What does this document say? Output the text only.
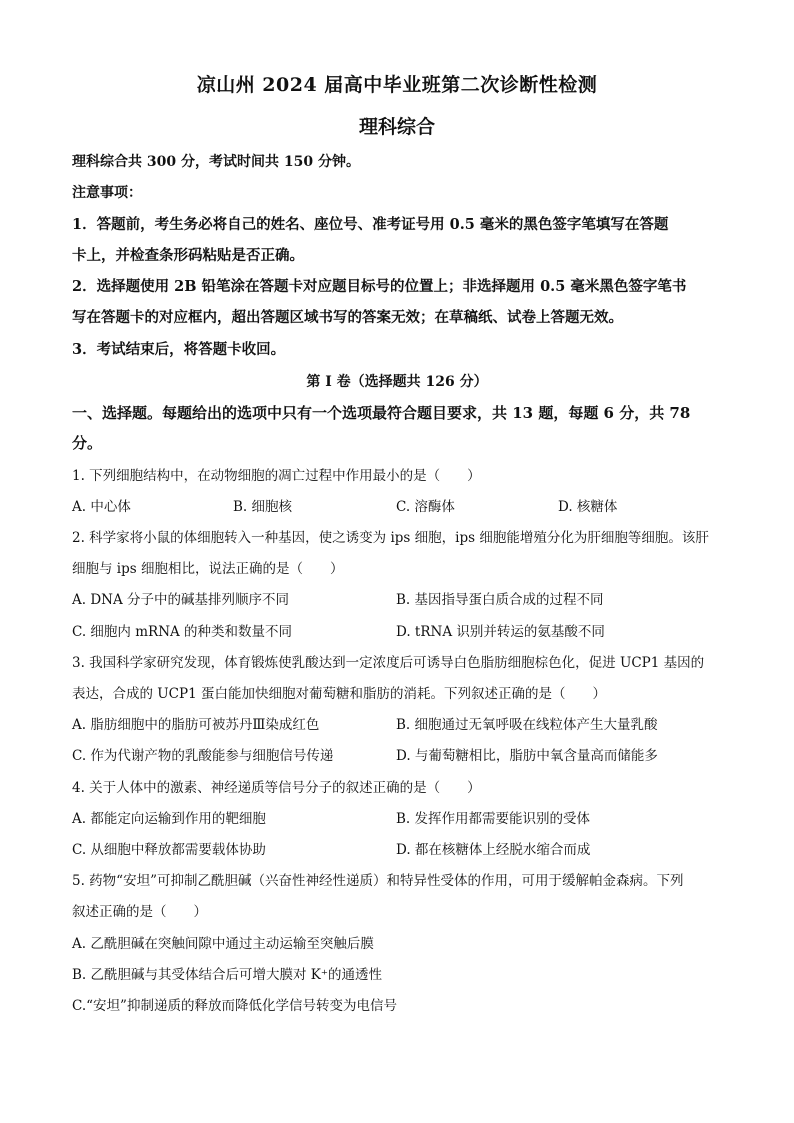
凉山州 2024 届高中毕业班第二次诊断性检测
理科综合
理科综合共 300 分，考试时间共 150 分钟。
注意事项：
1．答题前，考生务必将自己的姓名、座位号、准考证号用 0.5 毫米的黑色签字笔填写在答题
卡上，并检查条形码粘贴是否正确。
2．选择题使用 2B 铅笔涂在答题卡对应题目标号的位置上；非选择题用 0.5 毫米黑色签字笔书
写在答题卡的对应框内，超出答题区域书写的答案无效；在草稿纸、试卷上答题无效。
3．考试结束后，将答题卡收回。
第 I 卷（选择题共 126 分）
一、选择题。每题给出的选项中只有一个选项最符合题目要求，共 13 题，每题 6 分，共 78
分。
1. 下列细胞结构中，在动物细胞的凋亡过程中作用最小的是（　　）
A. 中心体	B. 细胞核	C. 溶酶体	D. 核糖体
2. 科学家将小鼠的体细胞转入一种基因，使之诱变为 ips 细胞，ips 细胞能增殖分化为肝细胞等细胞。该肝
细胞与 ips 细胞相比，说法正确的是（　　）
A. DNA 分子中的碱基排列顺序不同	B. 基因指导蛋白质合成的过程不同
C. 细胞内 mRNA 的种类和数量不同	D. tRNA 识别并转运的氨基酸不同
3. 我国科学家研究发现，体育锻炼使乳酸达到一定浓度后可诱导白色脂肪细胞棕色化，促进 UCP1 基因的
表达，合成的 UCP1 蛋白能加快细胞对葡萄糖和脂肪的消耗。下列叙述正确的是（　　）
A. 脂肪细胞中的脂肪可被苏丹Ⅲ染成红色	B. 细胞通过无氧呼吸在线粒体产生大量乳酸
C. 作为代谢产物的乳酸能参与细胞信号传递	D. 与葡萄糖相比，脂肪中氧含量高而储能多
4. 关于人体中的激素、神经递质等信号分子的叙述正确的是（　　）
A. 都能定向运输到作用的靶细胞	B. 发挥作用都需要能识别的受体
C. 从细胞中释放都需要载体协助	D. 都在核糖体上经脱水缩合而成
5. 药物“安坦”可抑制乙酰胆碱（兴奋性神经性递质）和特异性受体的作用，可用于缓解帕金森病。下列
叙述正确的是（　　）
A. 乙酰胆碱在突触间隙中通过主动运输至突触后膜
B. 乙酰胆碱与其受体结合后可增大膜对 K⁺的通透性
C.“安坦”抑制递质的释放而降低化学信号转变为电信号
